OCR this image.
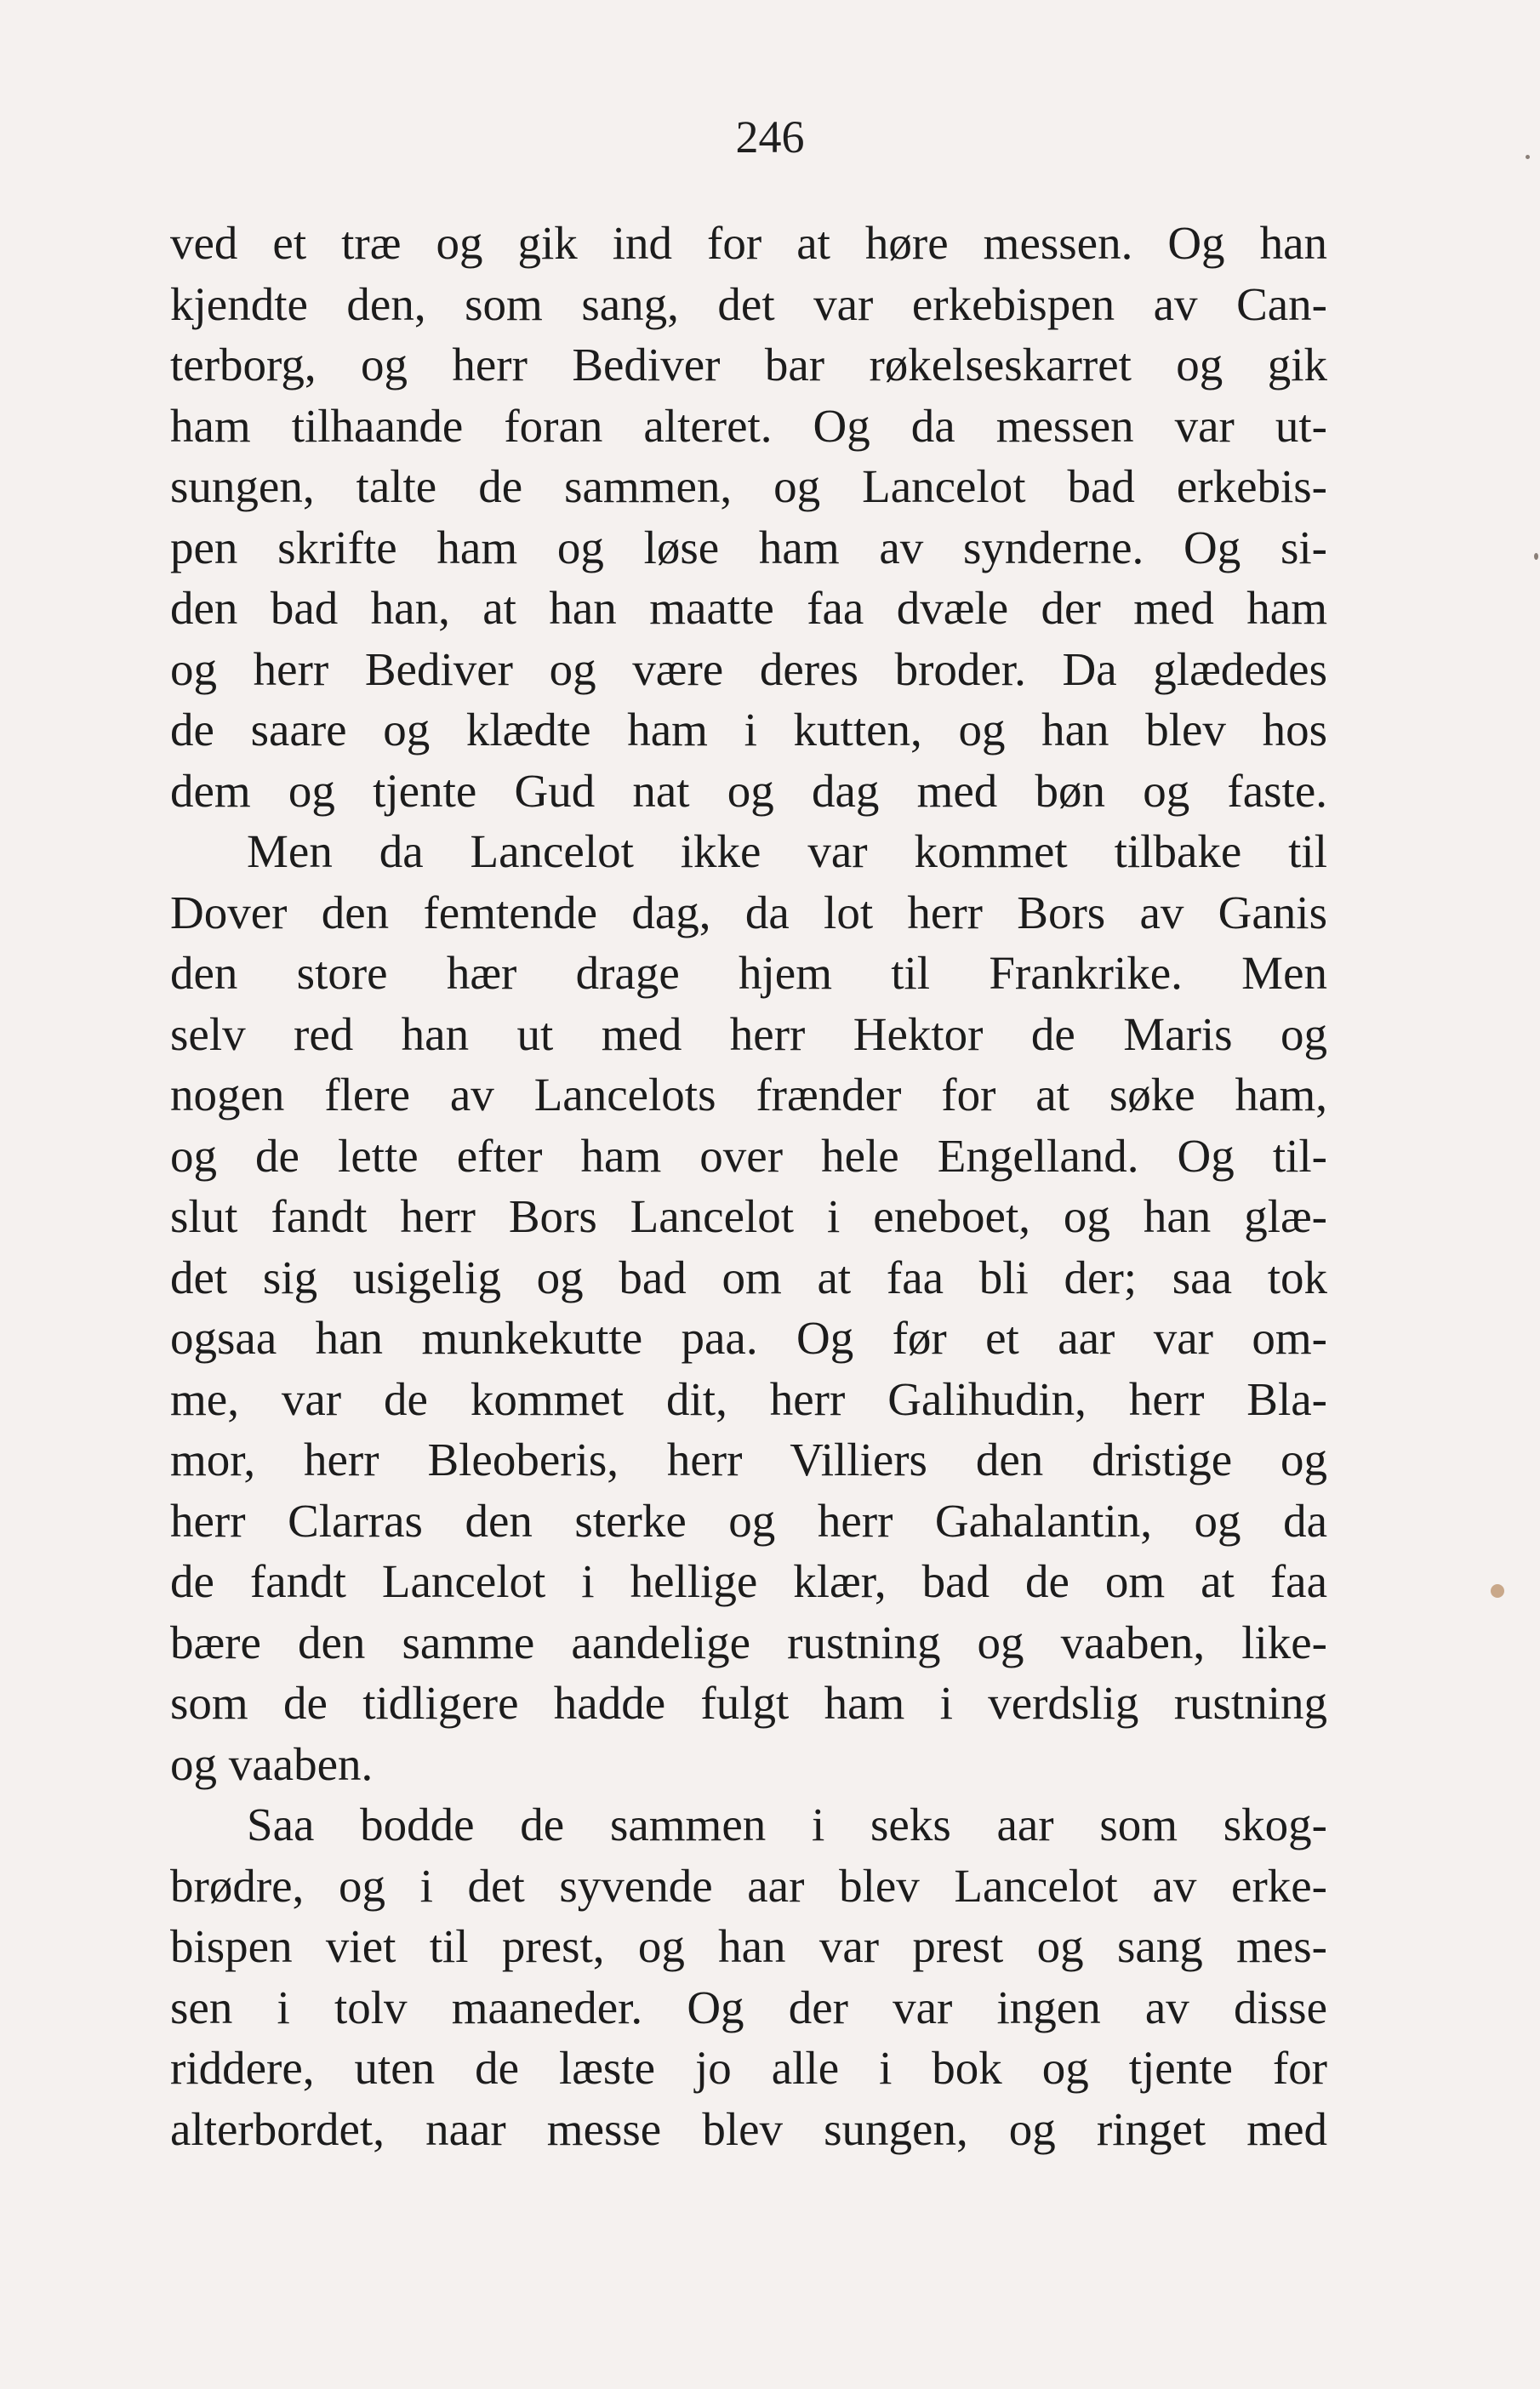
246
ved et træ og gik ind for at høre messen. Og han
kjendte den, som sang, det var erkebispen av Can-
terborg, og herr Bediver bar røkelseskarret og gik
ham tilhaande foran alteret. Og da messen var ut-
sungen, talte de sammen, og Lancelot bad erkebis-
pen skrifte ham og løse ham av synderne. Og si-
den bad han, at han maatte faa dvæle der med ham
og herr Bediver og være deres broder. Da glædedes
de saare og klædte ham i kutten, og han blev hos
dem og tjente Gud nat og dag med bøn og faste.
Men da Lancelot ikke var kommet tilbake til
Dover den femtende dag, da lot herr Bors av Ganis
den store hær drage hjem til Frankrike. Men
selv red han ut med herr Hektor de Maris og
nogen flere av Lancelots frænder for at søke ham,
og de lette efter ham over hele Engelland. Og til-
slut fandt herr Bors Lancelot i eneboet, og han glæ-
det sig usigelig og bad om at faa bli der; saa tok
ogsaa han munkekutte paa. Og før et aar var om-
me, var de kommet dit, herr Galihudin, herr Bla-
mor, herr Bleoberis, herr Villiers den dristige og
herr Clarras den sterke og herr Gahalantin, og da
de fandt Lancelot i hellige klær, bad de om at faa
bære den samme aandelige rustning og vaaben, like-
som de tidligere hadde fulgt ham i verdslig rustning
og vaaben.
Saa bodde de sammen i seks aar som skog-
brødre, og i det syvende aar blev Lancelot av erke-
bispen viet til prest, og han var prest og sang mes-
sen i tolv maaneder. Og der var ingen av disse
riddere, uten de læste jo alle i bok og tjente for
alterbordet, naar messe blev sungen, og ringet med
